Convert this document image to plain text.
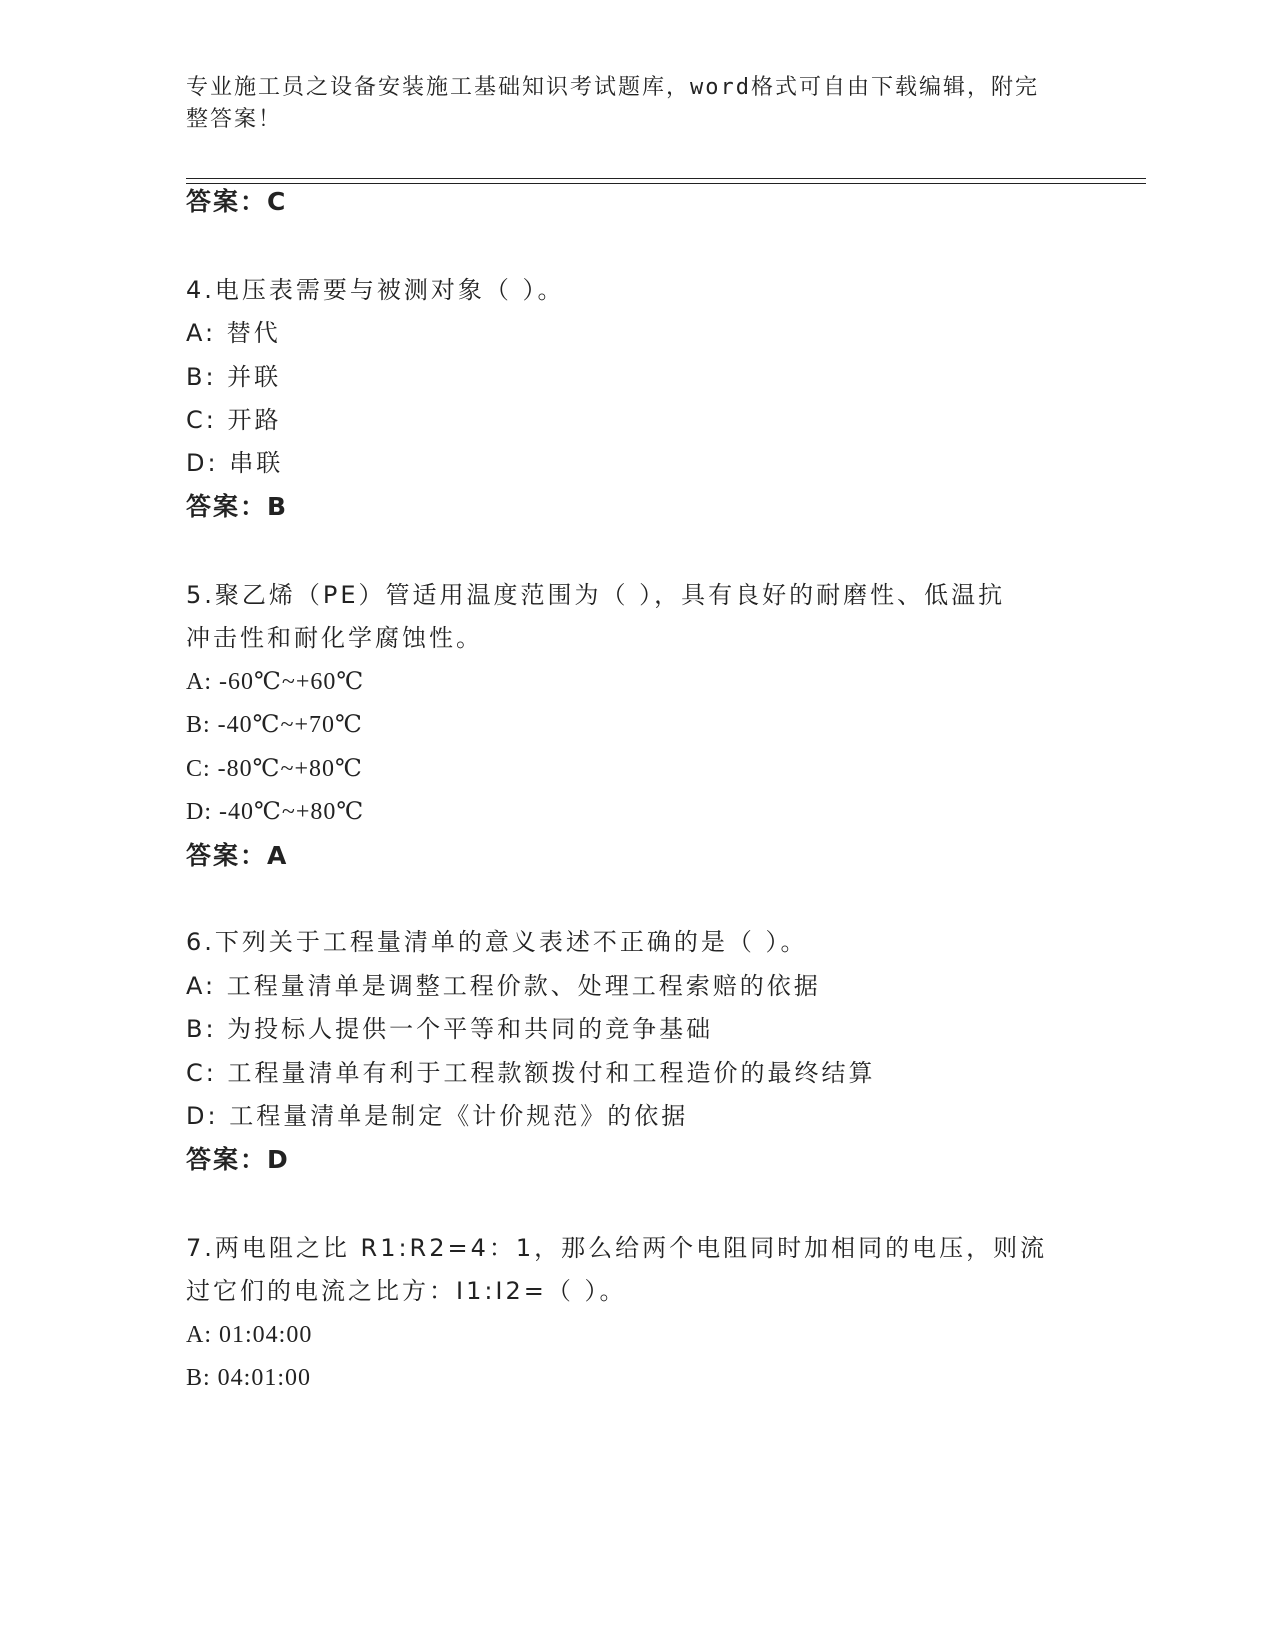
专业施工员之设备安装施工基础知识考试题库，word格式可自由下载编辑，附完
整答案！
答案：C
4.电压表需要与被测对象（ ）。
A: 替代
B: 并联
C: 开路
D: 串联
答案：B
5.聚乙烯（PE）管适用温度范围为（ ），具有良好的耐磨性、低温抗
冲击性和耐化学腐蚀性。
A: -60℃~+60℃
B: -40℃~+70℃
C: -80℃~+80℃
D: -40℃~+80℃
答案：A
6.下列关于工程量清单的意义表述不正确的是（ ）。
A: 工程量清单是调整工程价款、处理工程索赔的依据
B: 为投标人提供一个平等和共同的竞争基础
C: 工程量清单有利于工程款额拨付和工程造价的最终结算
D: 工程量清单是制定《计价规范》的依据
答案：D
7.两电阻之比 R1:R2=4：1，那么给两个电阻同时加相同的电压，则流
过它们的电流之比方：I1:I2=（ ）。
A: 01:04:00
B: 04:01:00
